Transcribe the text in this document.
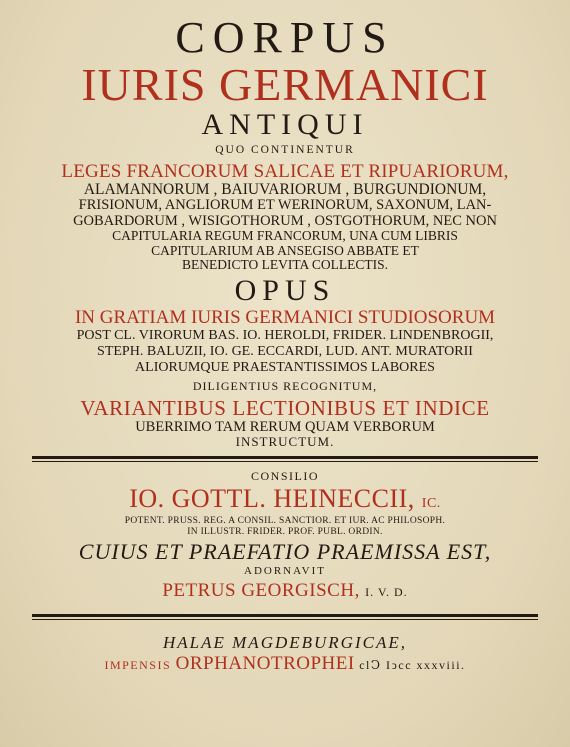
CORPUS
IURIS GERMANICI
ANTIQUI
QUO CONTINENTUR
LEGES FRANCORUM SALICAE ET RIPUARIORUM,
ALAMANNORUM , BAIUVARIORUM , BURGUNDIONUM,
FRISIONUM, ANGLIORUM ET WERINORUM, SAXONUM, LAN-
GOBARDORUM , WISIGOTHORUM , OSTGOTHORUM, NEC NON
CAPITULARIA REGUM FRANCORUM, UNA CUM LIBRIS
CAPITULARIUM AB ANSEGISO ABBATE ET
BENEDICTO LEVITA COLLECTIS.
OPUS
IN GRATIAM IURIS GERMANICI STUDIOSORUM
POST CL. VIRORUM BAS. IO. HEROLDI, FRIDER. LINDENBROGII,
STEPH. BALUZII, IO. GE. ECCARDI, LUD. ANT. MURATORII
ALIORUMQUE PRAESTANTISSIMOS LABORES
DILIGENTIUS RECOGNITUM,
VARIANTIBUS LECTIONIBUS ET INDICE
UBERRIMO TAM RERUM QUAM VERBORUM
INSTRUCTUM.
CONSILIO
IO. GOTTL. HEINECCII, IC.
POTENT. PRUSS. REG. A CONSIL. SANCTIOR. ET IUR. AC PHILOSOPH.
IN ILLUSTR. FRIDER. PROF. PUBL. ORDIN.
CUIUS ET PRAEFATIO PRAEMISSA EST,
ADORNAVIT
PETRUS GEORGISCH, I. V. D.
HALAE MAGDEBURGICAE,
IMPENSIS ORPHANOTROPHEI clↃ Iↄcc xxxviii.
